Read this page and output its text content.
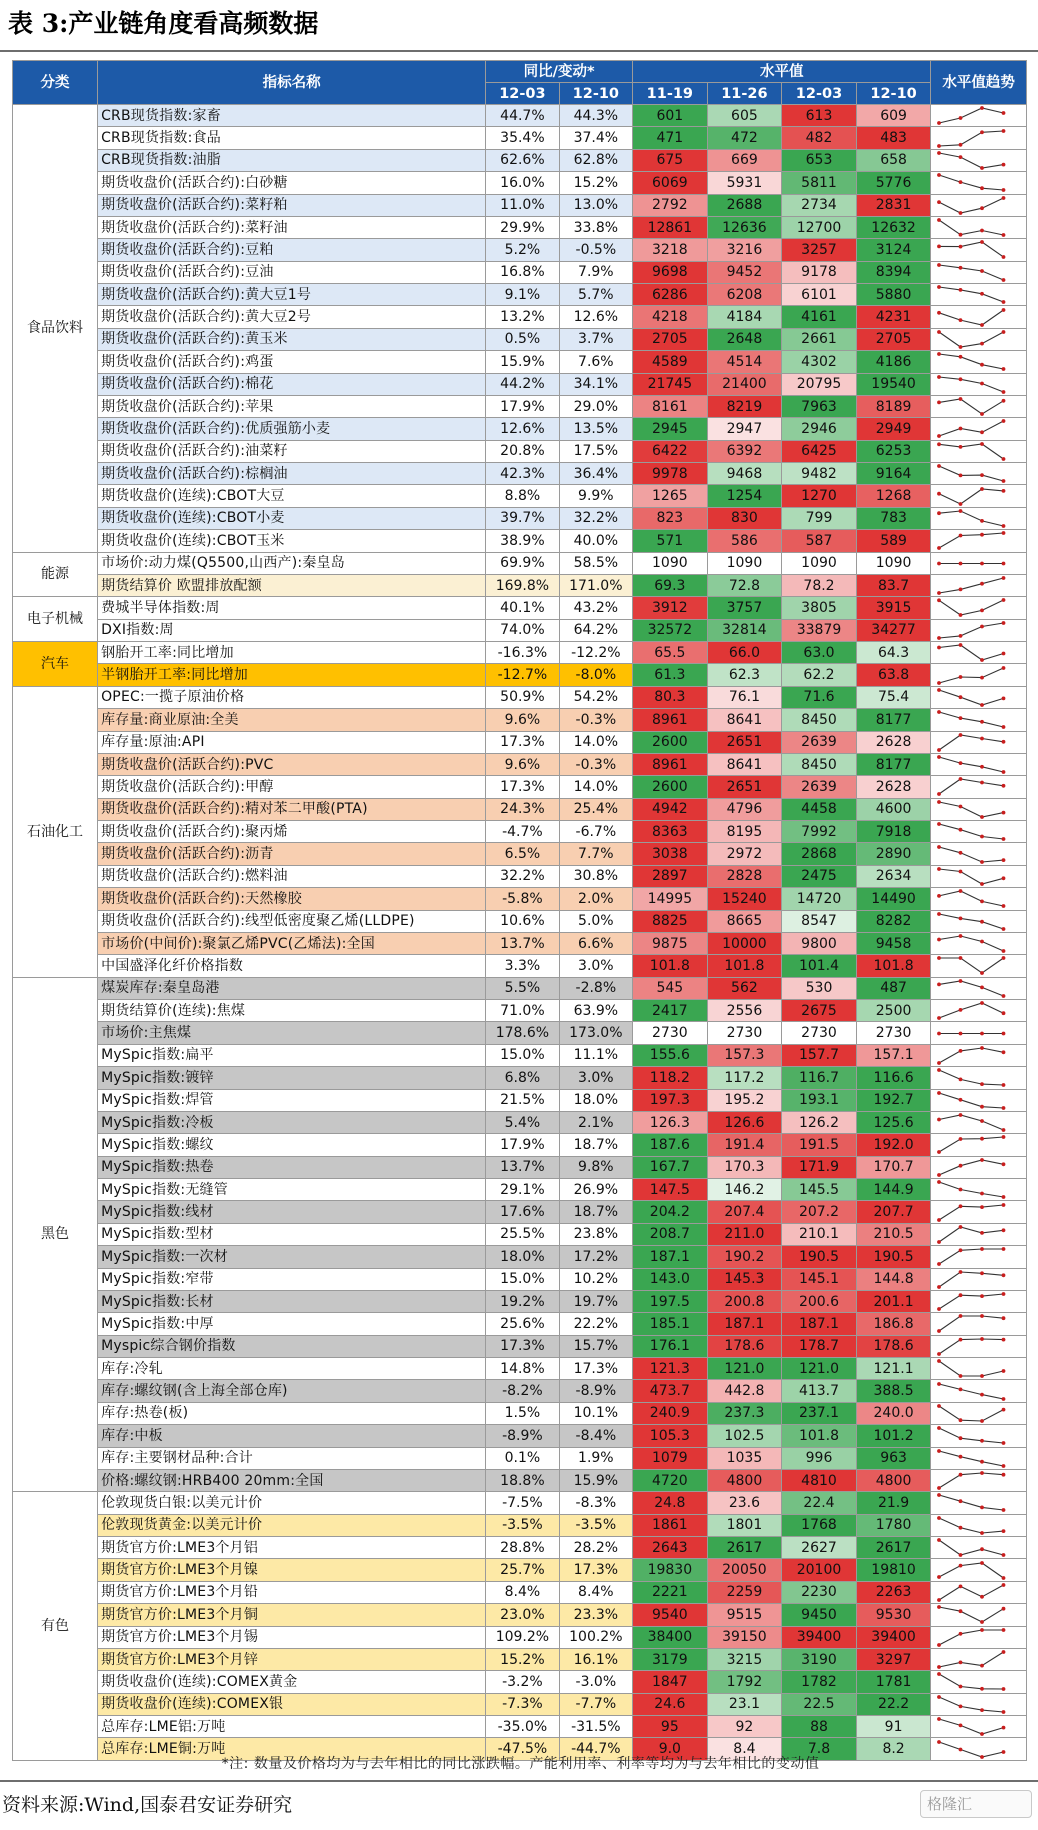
表 3:产业链角度看高频数据
分类	指标名称	同比/变动*		水平值				水平值趋势
		12-03	12-10	11-19	11-26	12-03	12-10	
食品饮料	CRB现货指数:家畜	44.7%	44.3%	601	605	613	609	

	CRB现货指数:食品	35.4%	37.4%	471	472	482	483	

	CRB现货指数:油脂	62.6%	62.8%	675	669	653	658	

	期货收盘价(活跃合约):白砂糖	16.0%	15.2%	6069	5931	5811	5776	

	期货收盘价(活跃合约):菜籽粕	11.0%	13.0%	2792	2688	2734	2831	

	期货收盘价(活跃合约):菜籽油	29.9%	33.8%	12861	12636	12700	12632	

	期货收盘价(活跃合约):豆粕	5.2%	-0.5%	3218	3216	3257	3124	

	期货收盘价(活跃合约):豆油	16.8%	7.9%	9698	9452	9178	8394	

	期货收盘价(活跃合约):黄大豆1号	9.1%	5.7%	6286	6208	6101	5880	

	期货收盘价(活跃合约):黄大豆2号	13.2%	12.6%	4218	4184	4161	4231	

	期货收盘价(活跃合约):黄玉米	0.5%	3.7%	2705	2648	2661	2705	

	期货收盘价(活跃合约):鸡蛋	15.9%	7.6%	4589	4514	4302	4186	

	期货收盘价(活跃合约):棉花	44.2%	34.1%	21745	21400	20795	19540	

	期货收盘价(活跃合约):苹果	17.9%	29.0%	8161	8219	7963	8189	

	期货收盘价(活跃合约):优质强筋小麦	12.6%	13.5%	2945	2947	2946	2949	

	期货收盘价(活跃合约):油菜籽	20.8%	17.5%	6422	6392	6425	6253	

	期货收盘价(活跃合约):棕榈油	42.3%	36.4%	9978	9468	9482	9164	

	期货收盘价(连续):CBOT大豆	8.8%	9.9%	1265	1254	1270	1268	

	期货收盘价(连续):CBOT小麦	39.7%	32.2%	823	830	799	783	

	期货收盘价(连续):CBOT玉米	38.9%	40.0%	571	586	587	589	

能源	市场价:动力煤(Q5500,山西产):秦皇岛	69.9%	58.5%	1090	1090	1090	1090	

	期货结算价 欧盟排放配额	169.8%	171.0%	69.3	72.8	78.2	83.7	

电子机械	费城半导体指数:周	40.1%	43.2%	3912	3757	3805	3915	

	DXI指数:周	74.0%	64.2%	32572	32814	33879	34277	

汽车	钢胎开工率:同比增加	-16.3%	-12.2%	65.5	66.0	63.0	64.3	

	半钢胎开工率:同比增加	-12.7%	-8.0%	61.3	62.3	62.2	63.8	

石油化工	OPEC:一揽子原油价格	50.9%	54.2%	80.3	76.1	71.6	75.4	

	库存量:商业原油:全美	9.6%	-0.3%	8961	8641	8450	8177	

	库存量:原油:API	17.3%	14.0%	2600	2651	2639	2628	

	期货收盘价(活跃合约):PVC	9.6%	-0.3%	8961	8641	8450	8177	

	期货收盘价(活跃合约):甲醇	17.3%	14.0%	2600	2651	2639	2628	

	期货收盘价(活跃合约):精对苯二甲酸(PTA)	24.3%	25.4%	4942	4796	4458	4600	

	期货收盘价(活跃合约):聚丙烯	-4.7%	-6.7%	8363	8195	7992	7918	

	期货收盘价(活跃合约):沥青	6.5%	7.7%	3038	2972	2868	2890	

	期货收盘价(活跃合约):燃料油	32.2%	30.8%	2897	2828	2475	2634	

	期货收盘价(活跃合约):天然橡胶	-5.8%	2.0%	14995	15240	14720	14490	

	期货收盘价(活跃合约):线型低密度聚乙烯(LLDPE)	10.6%	5.0%	8825	8665	8547	8282	

	市场价(中间价):聚氯乙烯PVC(乙烯法):全国	13.7%	6.6%	9875	10000	9800	9458	

	中国盛泽化纤价格指数	3.3%	3.0%	101.8	101.8	101.4	101.8	

黑色	煤炭库存:秦皇岛港	5.5%	-2.8%	545	562	530	487	

	期货结算价(连续):焦煤	71.0%	63.9%	2417	2556	2675	2500	

	市场价:主焦煤	178.6%	173.0%	2730	2730	2730	2730	

	MySpic指数:扁平	15.0%	11.1%	155.6	157.3	157.7	157.1	

	MySpic指数:镀锌	6.8%	3.0%	118.2	117.2	116.7	116.6	

	MySpic指数:焊管	21.5%	18.0%	197.3	195.2	193.1	192.7	

	MySpic指数:冷板	5.4%	2.1%	126.3	126.6	126.2	125.6	

	MySpic指数:螺纹	17.9%	18.7%	187.6	191.4	191.5	192.0	

	MySpic指数:热卷	13.7%	9.8%	167.7	170.3	171.9	170.7	

	MySpic指数:无缝管	29.1%	26.9%	147.5	146.2	145.5	144.9	

	MySpic指数:线材	17.6%	18.7%	204.2	207.4	207.2	207.7	

	MySpic指数:型材	25.5%	23.8%	208.7	211.0	210.1	210.5	

	MySpic指数:一次材	18.0%	17.2%	187.1	190.2	190.5	190.5	

	MySpic指数:窄带	15.0%	10.2%	143.0	145.3	145.1	144.8	

	MySpic指数:长材	19.2%	19.7%	197.5	200.8	200.6	201.1	

	MySpic指数:中厚	25.6%	22.2%	185.1	187.1	187.1	186.8	

	Myspic综合钢价指数	17.3%	15.7%	176.1	178.6	178.7	178.6	

	库存:冷轧	14.8%	17.3%	121.3	121.0	121.0	121.1	

	库存:螺纹钢(含上海全部仓库)	-8.2%	-8.9%	473.7	442.8	413.7	388.5	

	库存:热卷(板)	1.5%	10.1%	240.9	237.3	237.1	240.0	

	库存:中板	-8.9%	-8.4%	105.3	102.5	101.8	101.2	

	库存:主要钢材品种:合计	0.1%	1.9%	1079	1035	996	963	

	价格:螺纹钢:HRB400 20mm:全国	18.8%	15.9%	4720	4800	4810	4800	

有色	伦敦现货白银:以美元计价	-7.5%	-8.3%	24.8	23.6	22.4	21.9	

	伦敦现货黄金:以美元计价	-3.5%	-3.5%	1861	1801	1768	1780	

	期货官方价:LME3个月铝	28.8%	28.2%	2643	2617	2627	2617	

	期货官方价:LME3个月镍	25.7%	17.3%	19830	20050	20100	19810	

	期货官方价:LME3个月铅	8.4%	8.4%	2221	2259	2230	2263	

	期货官方价:LME3个月铜	23.0%	23.3%	9540	9515	9450	9530	

	期货官方价:LME3个月锡	109.2%	100.2%	38400	39150	39400	39400	

	期货官方价:LME3个月锌	15.2%	16.1%	3179	3215	3190	3297	

	期货收盘价(连续):COMEX黄金	-3.2%	-3.0%	1847	1792	1782	1781	

	期货收盘价(连续):COMEX银	-7.3%	-7.7%	24.6	23.1	22.5	22.2	

	总库存:LME铝:万吨	-35.0%	-31.5%	95	92	88	91	

	总库存:LME铜:万吨	-47.5%	-44.7%	9.0	8.4	7.8	8.2	
*注: 数量及价格均为与去年相比的同比涨跌幅。产能利用率、利率等均为与去年相比的变动值
资料来源:Wind,国泰君安证券研究	格隆汇
